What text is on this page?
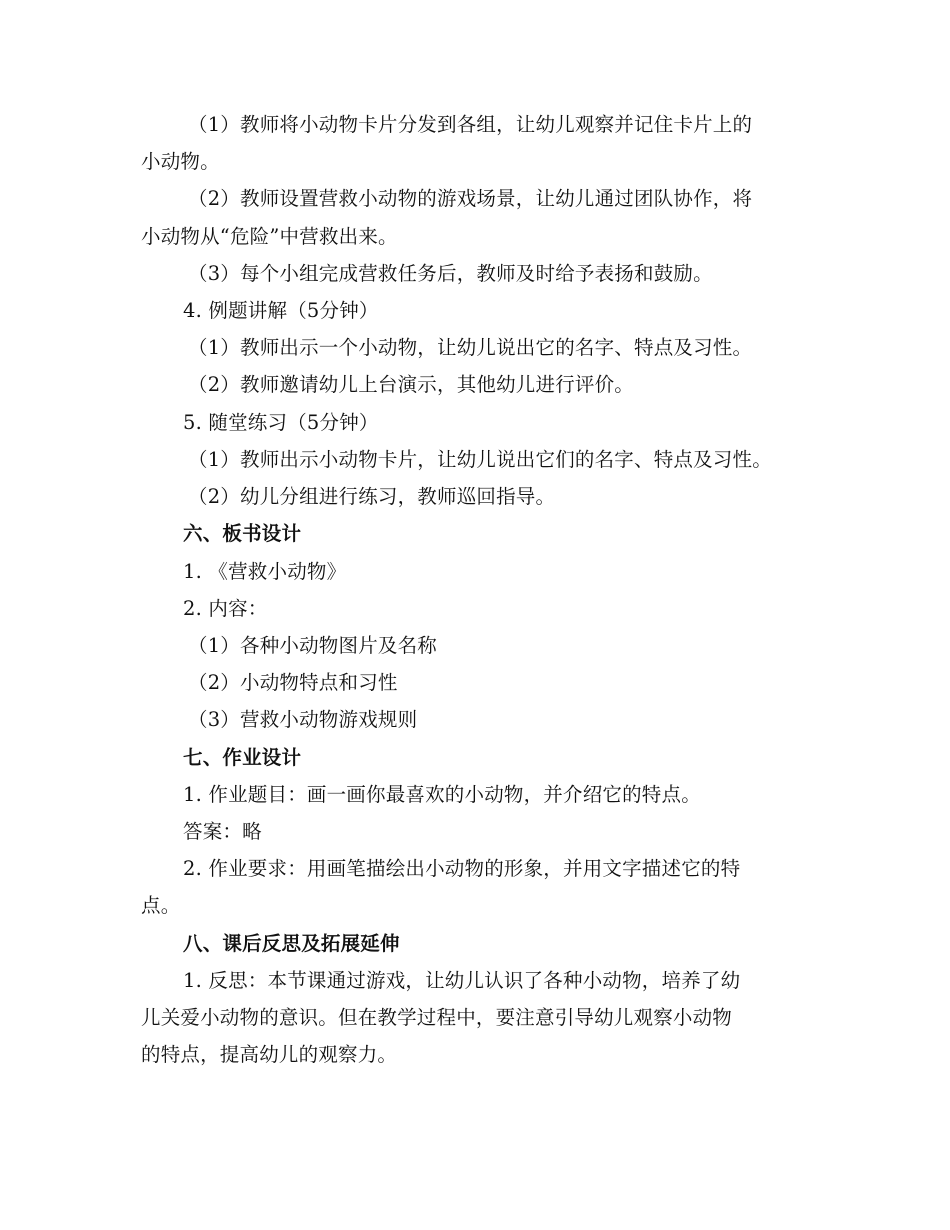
（1）教师将小动物卡片分发到各组，让幼儿观察并记住卡片上的
小动物。
（2）教师设置营救小动物的游戏场景，让幼儿通过团队协作，将
小动物从“危险”中营救出来。
（3）每个小组完成营救任务后，教师及时给予表扬和鼓励。
4. 例题讲解（5分钟）
（1）教师出示一个小动物，让幼儿说出它的名字、特点及习性。
（2）教师邀请幼儿上台演示，其他幼儿进行评价。
5. 随堂练习（5分钟）
（1）教师出示小动物卡片，让幼儿说出它们的名字、特点及习性。
（2）幼儿分组进行练习，教师巡回指导。
六、板书设计
1. 《营救小动物》
2. 内容：
（1）各种小动物图片及名称
（2）小动物特点和习性
（3）营救小动物游戏规则
七、作业设计
1. 作业题目：画一画你最喜欢的小动物，并介绍它的特点。
答案：略
2. 作业要求：用画笔描绘出小动物的形象，并用文字描述它的特
点。
八、课后反思及拓展延伸
1. 反思：本节课通过游戏，让幼儿认识了各种小动物，培养了幼
儿关爱小动物的意识。但在教学过程中，要注意引导幼儿观察小动物
的特点，提高幼儿的观察力。
